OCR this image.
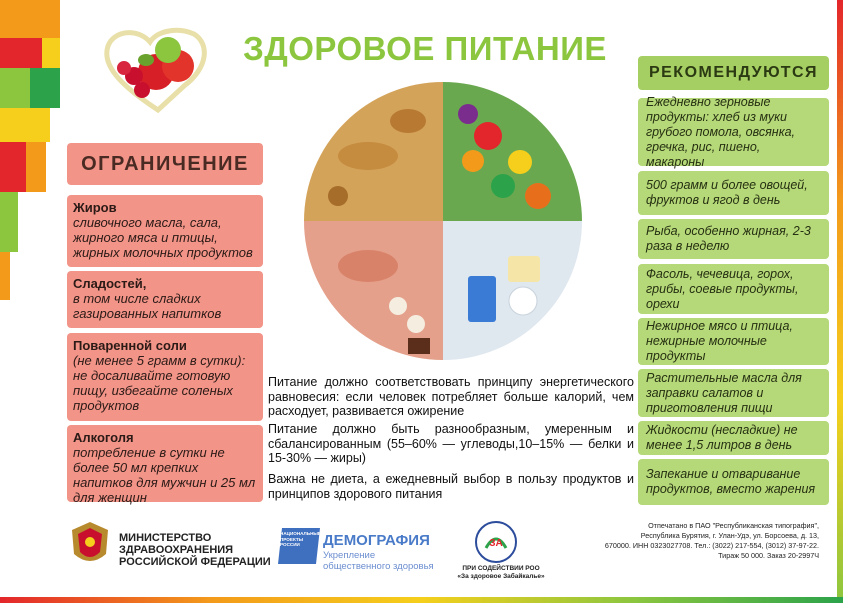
ЗДОРОВОЕ ПИТАНИЕ
ОГРАНИЧЕНИЕ
Жиров
сливочного масла, сала, жирного мяса и птицы, жирных молочных продуктов
Сладостей,
в том числе сладких газированных напитков
Поваренной соли
(не менее 5 грамм в сутки): не досаливайте готовую пищу, избегайте соленых продуктов
Алкоголя
потребление в сутки не более 50 мл крепких напитков для мужчин и 25 мл для женщин
РЕКОМЕНДУЮТСЯ
Ежедневно зерновые продукты: хлеб из муки грубого помола, овсянка, гречка, рис, пшено, макароны
500 грамм и более овощей, фруктов и ягод в день
Рыба, особенно жирная, 2-3 раза в неделю
Фасоль, чечевица, горох, грибы, соевые продукты, орехи
Нежирное мясо и птица, нежирные молочные продукты
Растительные масла для заправки салатов и приготовления пищи
Жидкости (несладкие) не менее 1,5 литров в день
Запекание и отваривание продуктов, вместо жарения
Питание должно соответствовать принципу энергетического равновесия: если человек потребляет больше калорий, чем расходует, развивается ожирение
Питание должно быть разнообразным, умеренным и сбалансированным (55–60% — углеводы,10–15% — белки и 15-30% — жиры)
Важна не диета, а ежедневный выбор в пользу продуктов и принципов здорового питания
МИНИСТЕРСТВО
ЗДРАВООХРАНЕНИЯ
РОССИЙСКОЙ ФЕДЕРАЦИИ
НАЦИОНАЛЬНЫЕ
ПРОЕКТЫ
РОССИИ	ДЕМОГРАФИЯ
Укрепление
общественного здоровья
ЗА
ПРИ СОДЕЙСТВИИ РОО
«За здоровое Забайкалье»
Отпечатано в ПАО "Республиканская типография",
Республика Бурятия, г. Улан-Удэ, ул. Борсоева, д. 13,
670000. ИНН 0323027708. Тел.: (3022) 217-554, (3012) 37-97-22.
Тираж 50 000. Заказ 20-2997Ч
